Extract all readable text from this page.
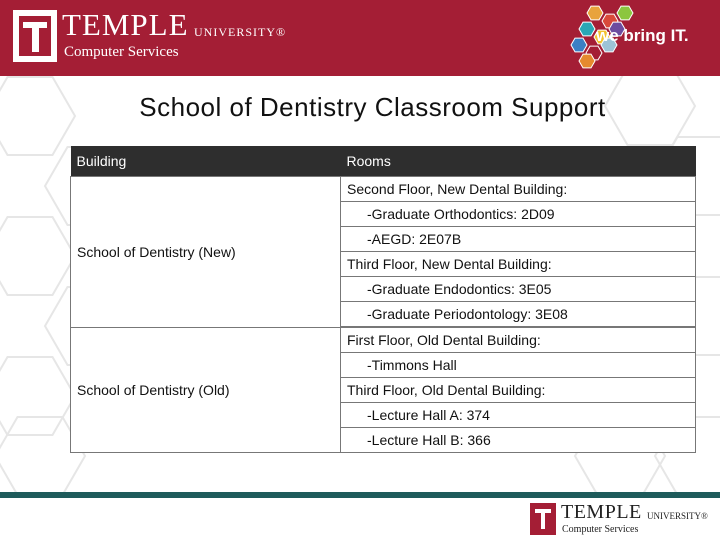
TEMPLE UNIVERSITY®
Computer Services
we bring IT.
School of Dentistry Classroom Support
Building	Rooms
School of Dentistry (New)	Second Floor, New Dental Building:
	-Graduate Orthodontics: 2D09
	-AEGD: 2E07B
	Third Floor, New Dental Building:
	-Graduate Endodontics: 3E05
	-Graduate Periodontology: 3E08

School of Dentistry (Old)	First Floor, Old Dental Building:
	-Timmons Hall
	Third Floor, Old Dental Building:
	-Lecture Hall A: 374
	-Lecture Hall B: 366
TEMPLE UNIVERSITY®
Computer Services
